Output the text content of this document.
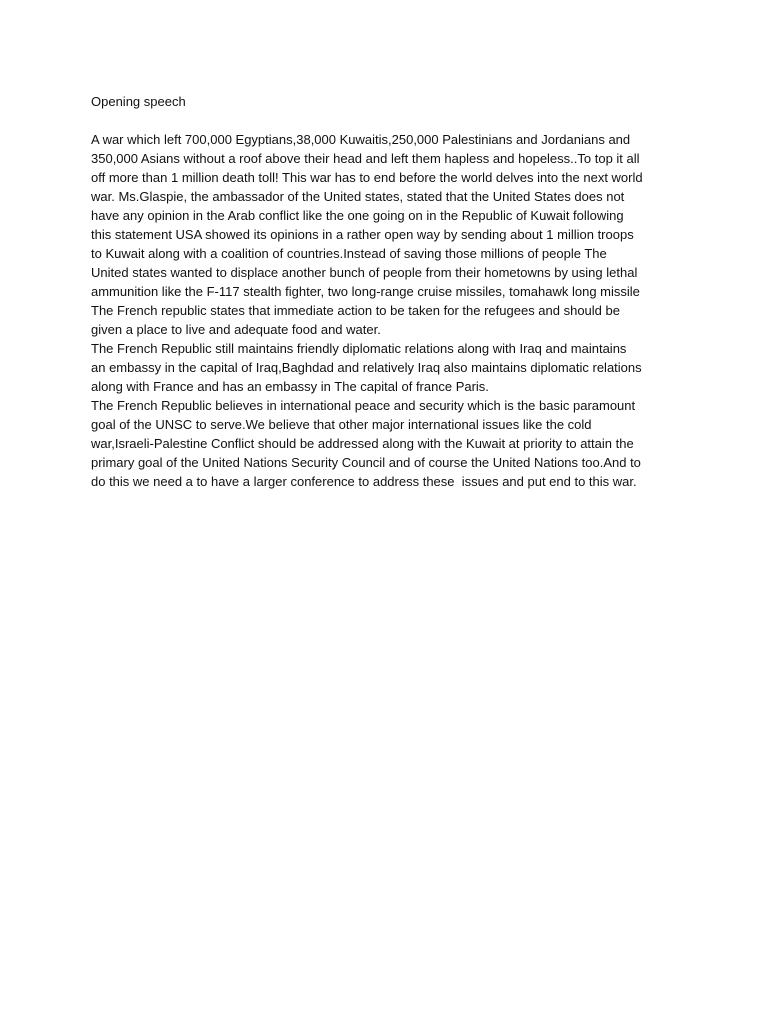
Opening speech

A war which left 700,000 Egyptians,38,000 Kuwaitis,250,000 Palestinians and Jordanians and
350,000 Asians without a roof above their head and left them hapless and hopeless..To top it all
off more than 1 million death toll! This war has to end before the world delves into the next world
war. Ms.Glaspie, the ambassador of the United states, stated that the United States does not
have any opinion in the Arab conflict like the one going on in the Republic of Kuwait following
this statement USA showed its opinions in a rather open way by sending about 1 million troops
to Kuwait along with a coalition of countries.Instead of saving those millions of people The
United states wanted to displace another bunch of people from their hometowns by using lethal
ammunition like the F-117 stealth fighter, two long-range cruise missiles, tomahawk long missile
The French republic states that immediate action to be taken for the refugees and should be
given a place to live and adequate food and water.

The French Republic still maintains friendly diplomatic relations along with Iraq and maintains
an embassy in the capital of Iraq,Baghdad and relatively Iraq also maintains diplomatic relations
along with France and has an embassy in The capital of france Paris.

The French Republic believes in international peace and security which is the basic paramount
goal of the UNSC to serve.We believe that other major international issues like the cold
war,Israeli-Palestine Conflict should be addressed along with the Kuwait at priority to attain the
primary goal of the United Nations Security Council and of course the United Nations too.And to
do this we need a to have a larger conference to address these  issues and put end to this war.
